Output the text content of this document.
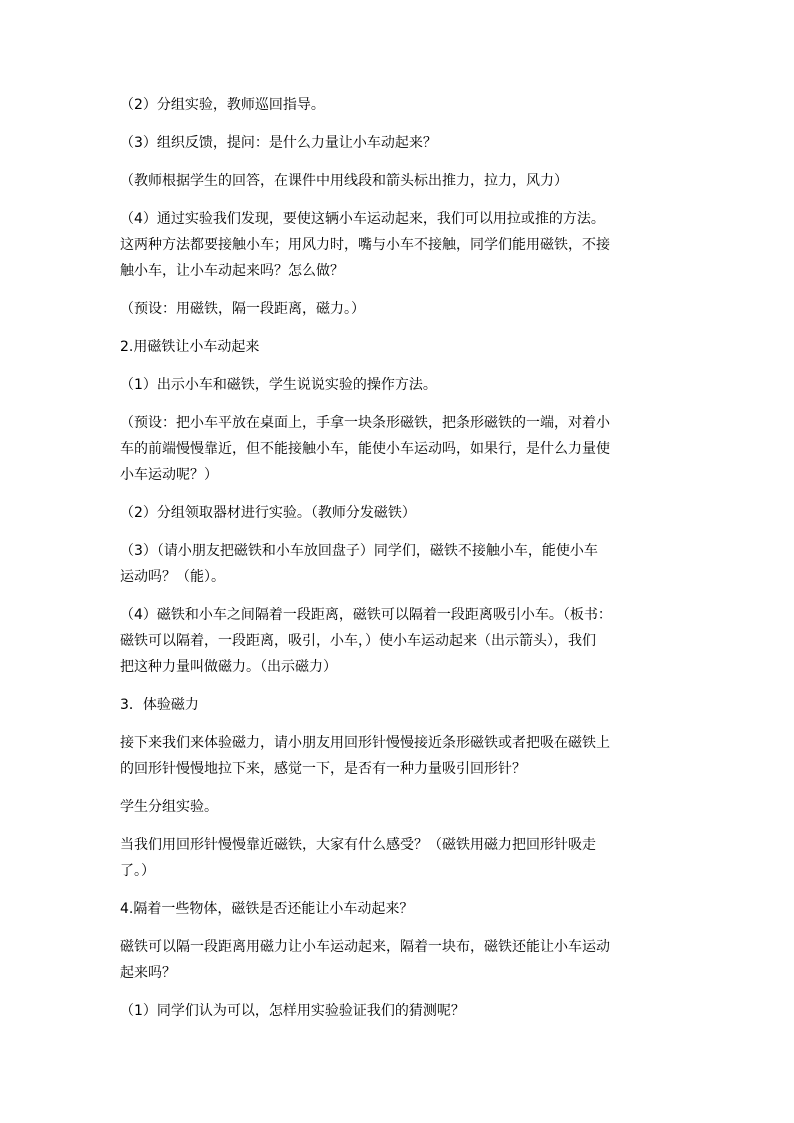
（2）分组实验，教师巡回指导。

（3）组织反馈，提问：是什么力量让小车动起来？

（教师根据学生的回答，在课件中用线段和箭头标出推力，拉力，风力）

（4）通过实验我们发现，要使这辆小车运动起来，我们可以用拉或推的方法。
这两种方法都要接触小车；用风力时，嘴与小车不接触，同学们能用磁铁，不接
触小车，让小车动起来吗？怎么做？

（预设：用磁铁，隔一段距离，磁力。）

2.用磁铁让小车动起来

（1）出示小车和磁铁，学生说说实验的操作方法。

（预设：把小车平放在桌面上，手拿一块条形磁铁，把条形磁铁的一端，对着小
车的前端慢慢靠近，但不能接触小车，能使小车运动吗，如果行，是什么力量使
小车运动呢？）

（2）分组领取器材进行实验。（教师分发磁铁）

（3）（请小朋友把磁铁和小车放回盘子）同学们，磁铁不接触小车，能使小车
运动吗？（能）。

（4）磁铁和小车之间隔着一段距离，磁铁可以隔着一段距离吸引小车。（板书：
磁铁可以隔着，一段距离，吸引，小车，）使小车运动起来（出示箭头），我们
把这种力量叫做磁力。（出示磁力）

3．体验磁力

接下来我们来体验磁力，请小朋友用回形针慢慢接近条形磁铁或者把吸在磁铁上
的回形针慢慢地拉下来，感觉一下，是否有一种力量吸引回形针？

学生分组实验。

当我们用回形针慢慢靠近磁铁，大家有什么感受？（磁铁用磁力把回形针吸走
了。）

4.隔着一些物体，磁铁是否还能让小车动起来？

磁铁可以隔一段距离用磁力让小车运动起来，隔着一块布，磁铁还能让小车运动
起来吗？

（1）同学们认为可以，怎样用实验验证我们的猜测呢？
